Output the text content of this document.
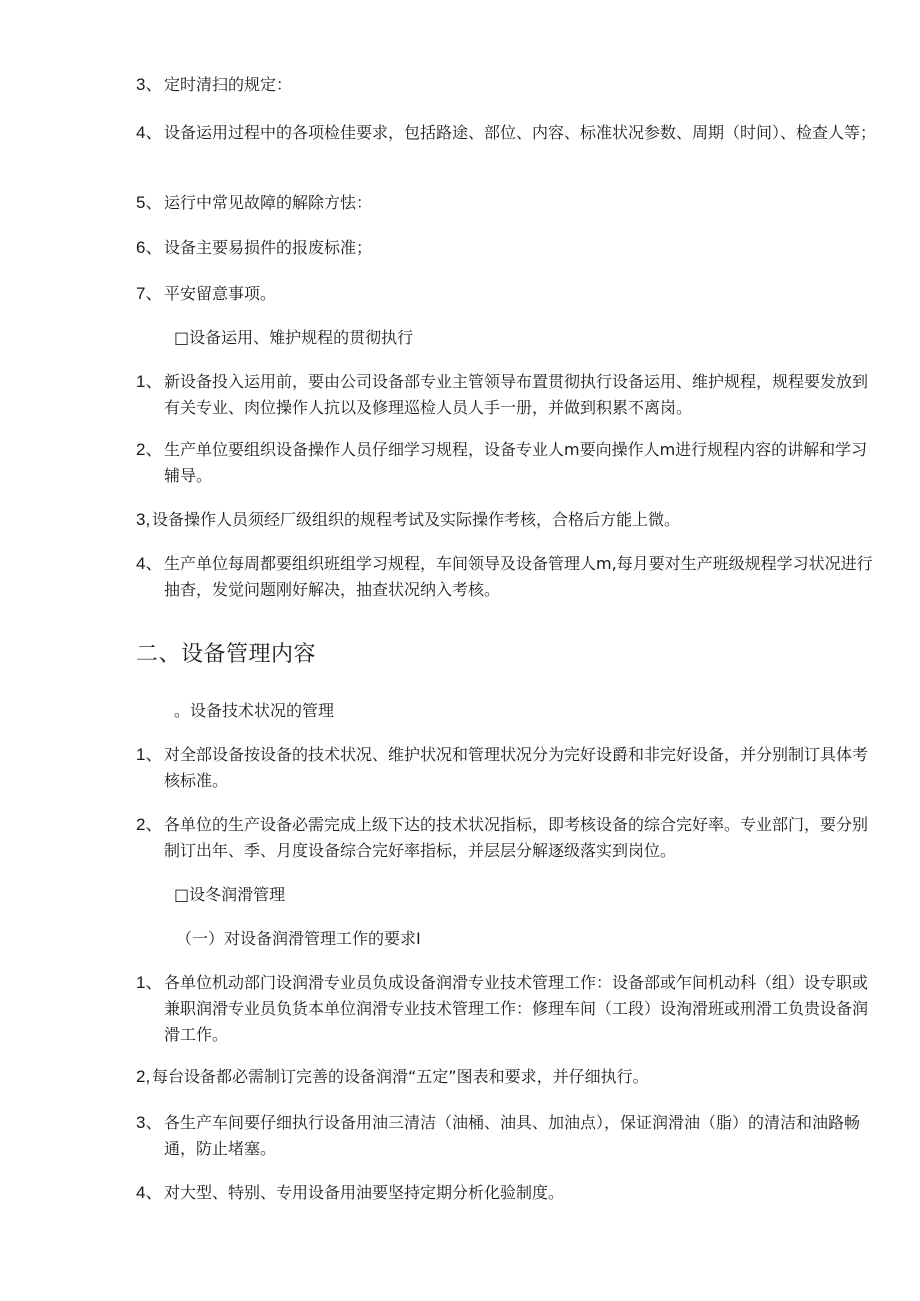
3、 定时清扫的规定：
4、 设备运用过程中的各项检佳要求，包括路途、部位、内容、标准状况参数、周期（时间）、检查人等；
5、 运行中常见故障的解除方怯：
6、 设备主要易损件的报废标准；
7、 平安留意事项。
□设备运用、雉护规程的贯彻执行
1、 新设备投入运用前，要由公司设备部专业主管领导布置贯彻执行设备运用、维护规程，规程要发放到有关专业、肉位操作人抗以及修理巡检人员人手一册，并做到积累不离岗。
2、 生产单位要组织设备操作人员仔细学习规程，设备专业人m要向操作人m进行规程内容的讲解和学习辅导。
3, 设备操作人员须经厂级组织的规程考试及实际操作考核，合格后方能上微。
4、 生产单位每周都要组织班组学习规程，车间领导及设备管理人m,每月要对生产班级规程学习状况进行抽杳，发觉问题刚好解决，抽查状况纳入考核。
二、设备管理内容
。设备技术状况的管理
1、 对全部设备按设备的技术状况、维护状况和管理状况分为完好设爵和非完好设备，并分别制订具体考核标准。
2、 各单位的生产设备必需完成上级下达的技术状况指标，即考核设备的综合完好率。专业部门，要分别制订出年、季、月度设备综合完好率指标，并层层分解逐级落实到岗位。
□设冬润滑管理
（一）对设备润滑管理工作的要求I
1、 各单位机动部门设润滑专业员负成设备润滑专业技术管理工作：设备部或乍间机动科（组）设专职或兼职润滑专业员负货本单位润滑专业技术管理工作：修理车间（工段）设洵滑班或刑滑工负贵设备润滑工作。
2, 每台设备都必需制订完善的设备润滑“五定”图表和要求，并仔细执行。
3、 各生产车间要仔细执行设备用油三清洁（油桶、油具、加油点），保证润滑油（脂）的清洁和油路畅通，防止堵塞。
4、 对大型、特别、专用设备用油要坚持定期分析化验制度。
